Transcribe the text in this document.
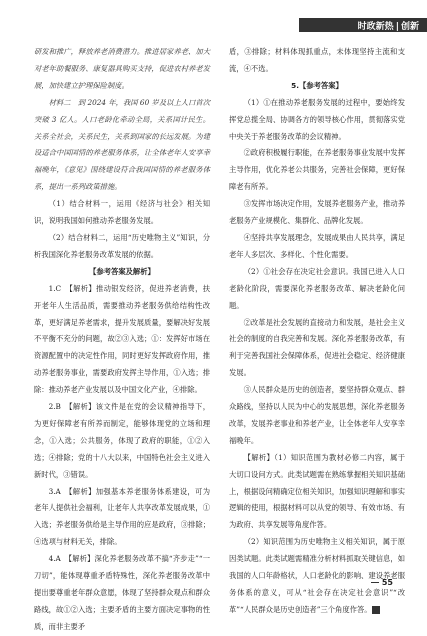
时政新热 | 创新

研发和推广，释放养老消费潜力。推进居家养老、加大对老年助餐服务、康复器具购买支持，促进农村养老发展，加快建立护理保险制度。

材料二　到 2024 年，我国 60 岁及以上人口首次突破 3 亿人。人口老龄化牵动全局，关系国计民生。关系全社会，关系民生，关系到国家的长远发展。为建设适合中国国情的养老服务体系，让全体老年人安享幸福晚年，《意见》围绕建设符合我国国情的养老服务体系，提出一系列政策措施。

（1）结合材料一，运用《经济与社会》相关知识，说明我国如何推动养老服务发展。

（2）结合材料二，运用“历史唯物主义”知识，分析我国深化养老服务改革发展的依据。

【参考答案及解析】

1.C　【解析】推动银发经济，促进养老消费，扶开老年人生活品质，需要推动养老服务供给结构性改革，更好满足养老需求，提升发展质量，要解决好发展不平衡不充分的问题，故②③入选；①：发挥好市场在资源配置中的决定性作用，同时更好发挥政府作用，推动养老服务事业，需要政府发挥主导作用，①入选；排除：推动养老产业发展以及中国文化产业，④排除。

2.B　【解析】该文件是在党的会议精神指导下，为更好保障老有所养而制定，能够体现党的立场和理念，①入选；公共服务，体现了政府的职能，①②入选；④排除；党的十八大以来，中国特色社会主义进入新时代，③错误。

3.A　【解析】加强基本养老服务体系建设，可为老年人提供社会福利，让老年人共享改革发展成果，①入选；养老服务供给是主导作用的应是政府，③排除；④选项与材料无关，排除。

4.A　【解析】深化养老服务改革不搞“齐步走”“一刀切”，能体现尊重矛盾特殊性，深化养老服务改革中提出要尊重老年群众意愿，体现了坚持群众观点和群众路线，故①②入选；主要矛盾的主要方面决定事物的性质，而非主要矛

盾，③排除；材料体现抓重点，未体现坚持主流和支流，④不选。

5.【参考答案】

（1）①在推动养老服务发展的过程中，要始终发挥党总揽全局、协调各方的领导核心作用，贯彻落实党中央关于养老服务改革的会议精神。

②政府积极履行职能，在养老服务事业发展中发挥主导作用，优化养老公共服务，完善社会保障，更好保障老有所养。

③发挥市场决定作用，发展养老服务产业，推动养老服务产业规模化、集群化、品牌化发展。

④坚持共享发展理念，发展成果由人民共享，满足老年人多层次、多样化、个性化需要。

（2）①社会存在决定社会意识。我国已进入人口老龄化阶段，需要深化养老服务改革、解决老龄化问题。

②改革是社会发展的直接动力和发展，是社会主义社会的制度的自我完善和发展。深化养老服务改革，有利于完善我国社会保障体系，促进社会稳定、经济健康发展。

③人民群众是历史的创造者，要坚持群众观点、群众路线，坚持以人民为中心的发展思想，深化养老服务改革，发展养老事业和养老产业，让全体老年人安享幸福晚年。

【解析】（1）知识范围为教材必修二内容，属于大切口设问方式。此类试题需在熟练掌握相关知识基础上，根据设问精确定位相关知识，加强知识理解和事实逻辑的使用，根据材料可以从党的领导、有效市场、有为政府、共享发展等角度作答。

（2）知识范围为历史唯物主义相关知识，属于原因类试题。此类试题需精准分析材料抓取关键信息，如我国的人口年龄格状，人口老龄化的影响、建设养老服务体系的意义，可从“社会存在决定社会意识”“改革”“人民群众是历史创造者”三个角度作答。 Z

55
